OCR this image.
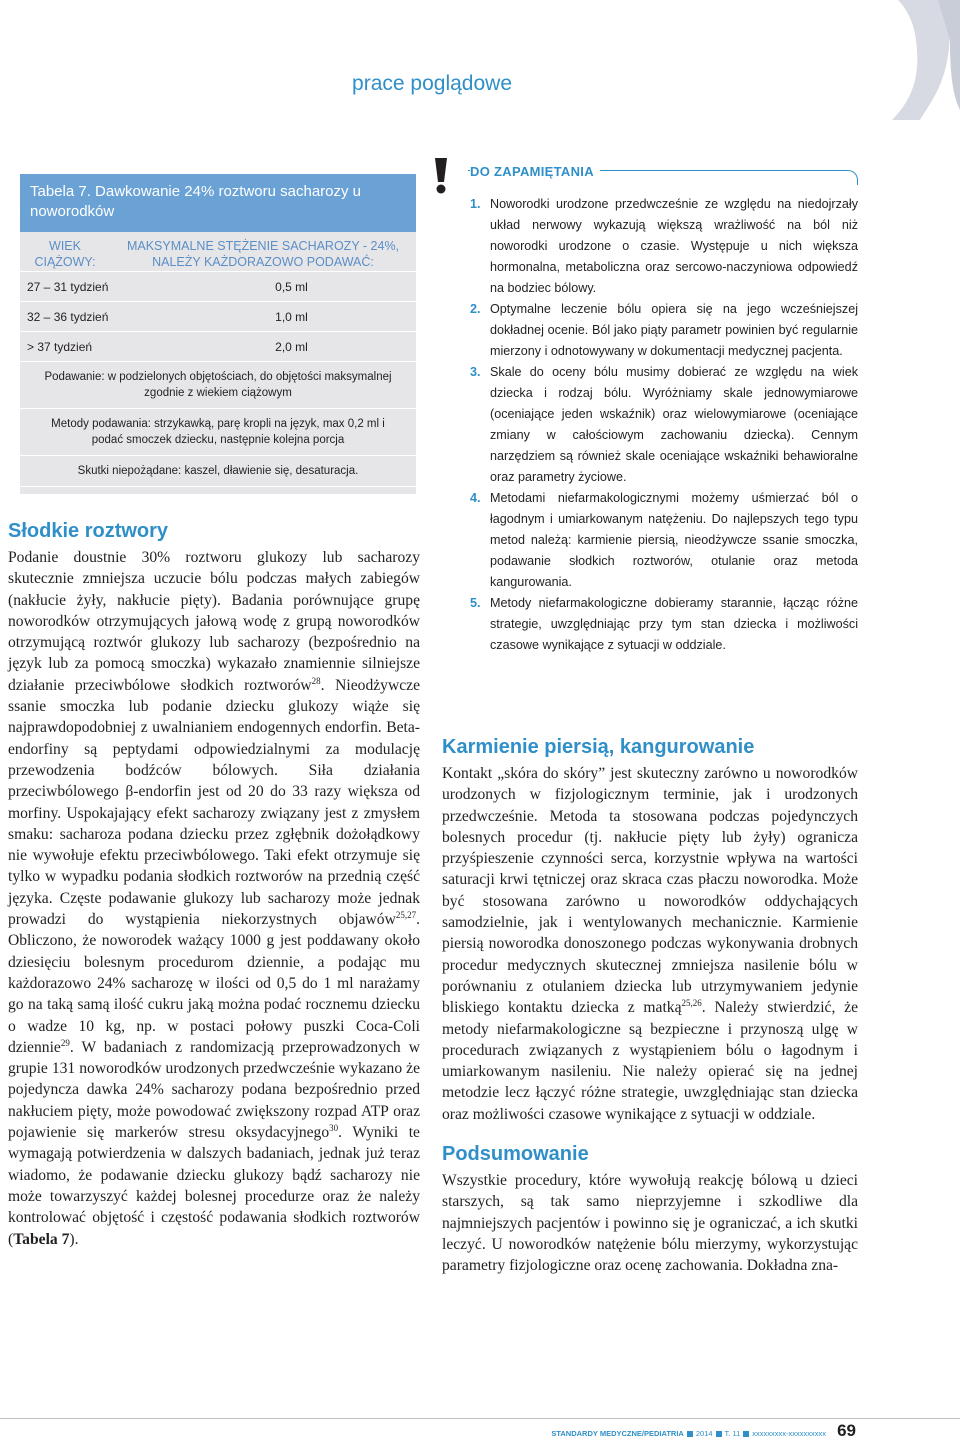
prace poglądowe
Tabela 7. Dawkowanie 24% roztworu sacharozy u noworodków
WIEK CIĄŻOWY:
MAKSYMALNE STĘŻENIE SACHAROZY - 24%, NALEŻY KAŻDORAZOWO PODAWAĆ:
27 – 31 tydzień	0,5 ml
32 – 36 tydzień	1,0 ml
> 37 tydzień	2,0 ml
Podawanie: w podzielonych objętościach, do objętości maksymalnej zgodnie z wiekiem ciążowym
Metody podawania: strzykawką, parę kropli na język, max 0,2 ml i podać smoczek dziecku, następnie kolejna porcja
Skutki niepożądane: kaszel, dławienie się, desaturacja.
Słodkie roztwory

Podanie doustnie 30% roztworu glukozy lub sacharozy skutecznie zmniejsza uczucie bólu podczas małych zabiegów (nakłucie żyły, nakłucie pięty). Badania porównujące grupę noworodków otrzymujących jałową wodę z grupą noworodków otrzymującą roztwór glukozy lub sacharozy (bezpośrednio na język lub za pomocą smoczka) wykazało znamiennie silniejsze działanie przeciwbólowe słodkich roztworów$^{28}$. Nieodżywcze ssanie smoczka lub podanie dziecku glukozy wiąże się najprawdopodobniej z uwalnianiem endogennych endorfin. Beta-endorfiny są peptydami odpowiedzialnymi za modulację przewodzenia bodźców bólowych. Siła działania przeciwbólowego β-endorfin jest od 20 do 33 razy większa od morfiny. Uspokajający efekt sacharozy związany jest z zmysłem smaku: sacharoza podana dziecku przez zgłębnik dożołądkowy nie wywołuje efektu przeciwbólowego. Taki efekt otrzymuje się tylko w wypadku podania słodkich roztworów na przednią część języka. Częste podawanie glukozy lub sacharozy może jednak prowadzi do wystąpienia niekorzystnych objawów$^{25,27}$. Obliczono, że noworodek ważący 1000 g jest poddawany około dziesięciu bolesnym procedurom dziennie, a podając mu każdorazowo 24% sacharozę w ilości od 0,5 do 1 ml narażamy go na taką samą ilość cukru jaką można podać rocznemu dziecku o wadze 10 kg, np. w postaci połowy puszki Coca-Coli dziennie$^{29}$. W badaniach z randomizacją przeprowadzonych w grupie 131 noworodków urodzonych przedwcześnie wykazano że pojedyncza dawka 24% sacharozy podana bezpośrednio przed nakłuciem pięty, może powodować zwiększony rozpad ATP oraz pojawienie się markerów stresu oksydacyjnego$^{30}$. Wyniki te wymagają potwierdzenia w dalszych badaniach, jednak już teraz wiadomo, że podawanie dziecku glukozy bądź sacharozy nie może towarzyszyć każdej bolesnej procedurze oraz że należy kontrolować objętość i częstość podawania słodkich roztworów (Tabela 7).

DO ZAPAMIĘTANIA
1. Noworodki urodzone przedwcześnie ze względu na niedojrzały układ nerwowy wykazują większą wrażliwość na ból niż noworodki urodzone o czasie. Występuje u nich większa hormonalna, metaboliczna oraz sercowo-naczyniowa odpowiedź na bodziec bólowy.
2. Optymalne leczenie bólu opiera się na jego wcześniejszej dokładnej ocenie. Ból jako piąty parametr powinien być regularnie mierzony i odnotowywany w dokumentacji medycznej pacjenta.
3. Skale do oceny bólu musimy dobierać ze względu na wiek dziecka i rodzaj bólu. Wyróżniamy skale jednowymiarowe (oceniające jeden wskaźnik) oraz wielowymiarowe (oceniające zmiany w całościowym zachowaniu dziecka). Cennym narzędziem są również skale oceniające wskaźniki behawioralne oraz parametry życiowe.
4. Metodami niefarmakologicznymi możemy uśmierzać ból o łagodnym i umiarkowanym natężeniu. Do najlepszych tego typu metod należą: karmienie piersią, nieodżywcze ssanie smoczka, podawanie słodkich roztworów, otulanie oraz metoda kangurowania.
5. Metody niefarmakologiczne dobieramy starannie, łącząc różne strategie, uwzględniając przy tym stan dziecka i możliwości czasowe wynikające z sytuacji w oddziale.
Karmienie piersią, kangurowanie

Kontakt „skóra do skóry” jest skuteczny zarówno u noworodków urodzonych w fizjologicznym terminie, jak i urodzonych przedwcześnie. Metoda ta stosowana podczas pojedynczych bolesnych procedur (tj. nakłucie pięty lub żyły) ogranicza przyśpieszenie czynności serca, korzystnie wpływa na wartości saturacji krwi tętniczej oraz skraca czas płaczu noworodka. Może być stosowana zarówno u noworodków oddychających samodzielnie, jak i wentylowanych mechanicznie. Karmienie piersią noworodka donoszonego podczas wykonywania drobnych procedur medycznych skutecznej zmniejsza nasilenie bólu w porównaniu z otulaniem dziecka lub utrzymywaniem jedynie bliskiego kontaktu dziecka z matką$^{25,26}$. Należy stwierdzić, że metody niefarmakologiczne są bezpieczne i przynoszą ulgę w procedurach związanych z wystąpieniem bólu o łagodnym i umiarkowanym nasileniu. Nie należy opierać się na jednej metodzie lecz łączyć różne strategie, uwzględniając stan dziecka oraz możliwości czasowe wynikające z sytuacji w oddziale.

Podsumowanie

Wszystkie procedury, które wywołują reakcję bólową u dzieci starszych, są tak samo nieprzyjemne i szkodliwe dla najmniejszych pacjentów i powinno się je ograniczać, a ich skutki leczyć. U noworodków natężenie bólu mierzymy, wykorzystując parametry fizjologiczne oraz ocenę zachowania. Dokładna zna-

STANDARDY MEDYCZNE/PEDIATRIA 2014 T. 11 xxxxxxxxx-xxxxxxxxxx 69
